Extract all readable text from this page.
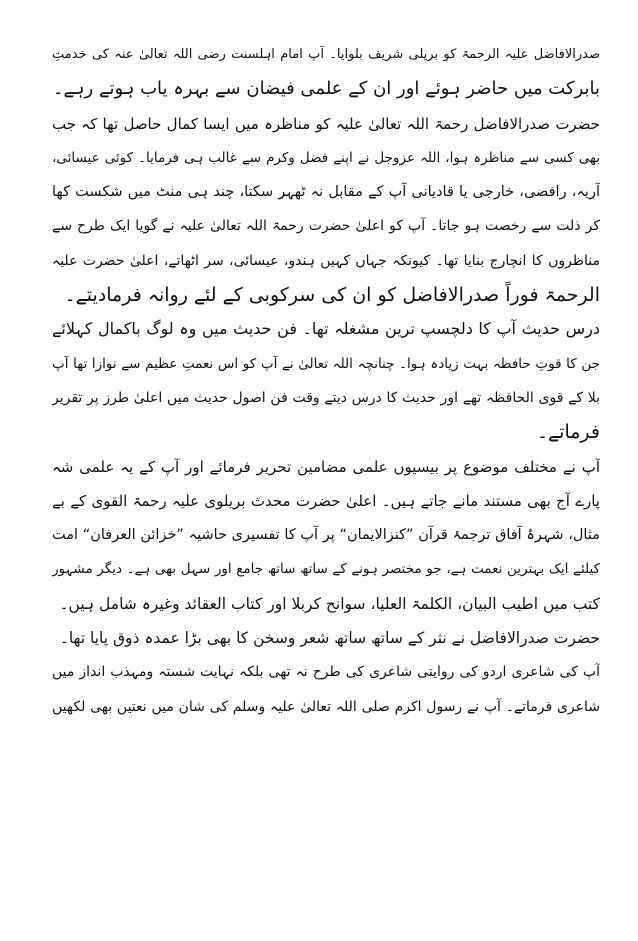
صدرالافاضل علیہ الرحمۃ کو بریلی شریف بلوایا۔ آپ امام اہلسنت رضی اللہ تعالیٰ عنہ کی خدمتِ
بابرکت میں حاضر ہوئے اور ان کے علمی فیضان سے بہرہ یاب ہوتے رہے۔
حضرت صدرالافاضل رحمۃ اللہ تعالیٰ علیہ کو مناظرہ میں ایسا کمال حاصل تھا کہ جب
بھی کسی سے مناظرہ ہوا، اللہ عزوجل نے اپنے فضل وکرم سے غالب ہی فرمایا۔ کوئی عیسائی،
آریہ، رافضی، خارجی یا قادیانی آپ کے مقابل نہ ٹھہر سکتا، چند ہی منٹ میں شکست کھا
کر ذلت سے رخصت ہو جاتا۔ آپ کو اعلیٰ حضرت رحمۃ اللہ تعالیٰ علیہ نے گویا ایک طرح سے
مناظروں کا انچارج بنایا تھا۔ کیونکہ جہاں کہیں ہندو، عیسائی، سر اٹھاتے، اعلیٰ حضرت علیہ
الرحمۃ فوراً صدرالافاضل کو ان کی سرکوبی کے لئے روانہ فرمادیتے۔
درس حدیث آپ کا دلچسپ ترین مشغلہ تھا۔ فن حدیث میں وہ لوگ باکمال کہلائے
جن کا قوتِ حافظہ بہت زیادہ ہوا۔ چنانچہ اللہ تعالیٰ نے آپ کو اس نعمتِ عظیم سے نوازا تھا آپ
بلا کے قوی الحافظہ تھے اور حدیث کا درس دیتے وقت فن اصول حدیث میں اعلیٰ طرز پر تقریر
فرماتے۔
آپ نے مختلف موضوع پر بیسیوں علمی مضامین تحریر فرمائے اور آپ کے یہ علمی شہ
پارے آج بھی مستند مانے جاتے ہیں۔ اعلیٰ حضرت محدث بریلوی علیہ رحمۃ القوی کے بے
مثال، شہرۂ آفاق ترجمۂ قرآن ”کنزالایمان“ پر آپ کا تفسیری حاشیہ ”خزائن العرفان“ امت
کیلئے ایک بہترین نعمت ہے، جو مختصر ہونے کے ساتھ ساتھ جامع اور سہل بھی ہے۔ دیگر مشہور
کتب میں اطیب البیان، الکلمۃ العلیا، سوانح کربلا اور کتاب العقائد وغیرہ شامل ہیں۔
حضرت صدرالافاضل نے نثر کے ساتھ ساتھ شعر وسخن کا بھی بڑا عمدہ ذوق پایا تھا۔
آپ کی شاعری اردو کی روایتی شاعری کی طرح نہ تھی بلکہ نہایت شستہ ومہذب انداز میں
شاعری فرماتے۔ آپ نے رسول اکرم صلی اللہ تعالیٰ علیہ وسلم کی شان میں نعتیں بھی لکھیں
